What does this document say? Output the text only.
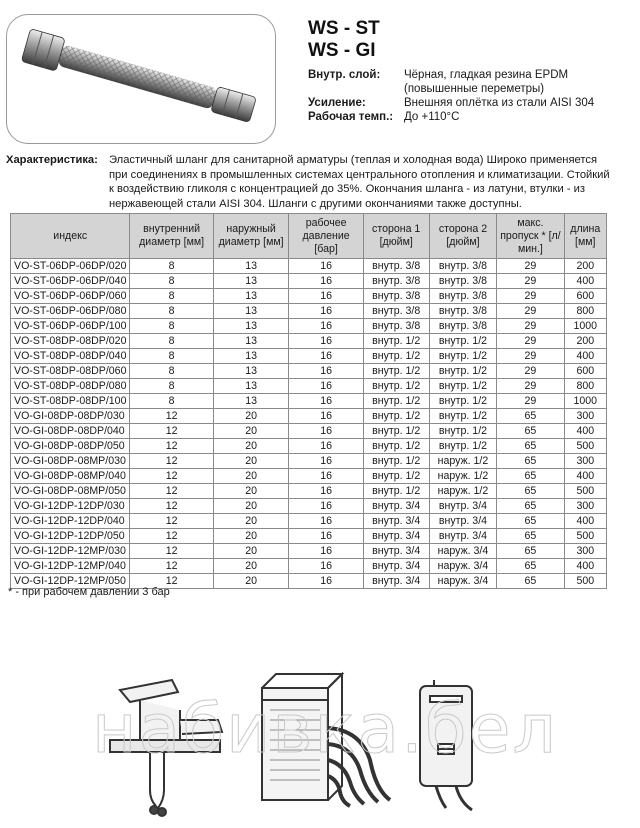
WS - ST
WS - GI
Внутр. слой:	Чёрная, гладкая резина EPDM (повышенные переметры)
Усиление:	Внешняя оплётка из стали AISI 304
Рабочая темп.: До +110°С
Характеристика: Эластичный шланг для санитарной арматуры (теплая и холодная вода) Широко применяется при соединениях в промышленных системах центрального отопления и климатизации. Стойкий к воздействию гликоля с концентрацией до 35%. Окончания шланга - из латуни, втулки - из нержавеющей стали AISI 304. Шланги с другими окончаниями также доступны.
индекс	внутренний диаметр [мм]	наружный диаметр [мм]	рабочее давление [бар]	сторона 1 [дюйм]	сторона 2 [дюйм]	макс. пропуск * [л/мин.]	длина [мм]
VO-ST-06DP-06DP/020	8	13	16	внутр. 3/8	внутр. 3/8	29	200
VO-ST-06DP-06DP/040	8	13	16	внутр. 3/8	внутр. 3/8	29	400
VO-ST-06DP-06DP/060	8	13	16	внутр. 3/8	внутр. 3/8	29	600
VO-ST-06DP-06DP/080	8	13	16	внутр. 3/8	внутр. 3/8	29	800
VO-ST-06DP-06DP/100	8	13	16	внутр. 3/8	внутр. 3/8	29	1000
VO-ST-08DP-08DP/020	8	13	16	внутр. 1/2	внутр. 1/2	29	200
VO-ST-08DP-08DP/040	8	13	16	внутр. 1/2	внутр. 1/2	29	400
VO-ST-08DP-08DP/060	8	13	16	внутр. 1/2	внутр. 1/2	29	600
VO-ST-08DP-08DP/080	8	13	16	внутр. 1/2	внутр. 1/2	29	800
VO-ST-08DP-08DP/100	8	13	16	внутр. 1/2	внутр. 1/2	29	1000
VO-GI-08DP-08DP/030	12	20	16	внутр. 1/2	внутр. 1/2	65	300
VO-GI-08DP-08DP/040	12	20	16	внутр. 1/2	внутр. 1/2	65	400
VO-GI-08DP-08DP/050	12	20	16	внутр. 1/2	внутр. 1/2	65	500
VO-GI-08DP-08MP/030	12	20	16	внутр. 1/2	наруж. 1/2	65	300
VO-GI-08DP-08MP/040	12	20	16	внутр. 1/2	наруж. 1/2	65	400
VO-GI-08DP-08MP/050	12	20	16	внутр. 1/2	наруж. 1/2	65	500
VO-GI-12DP-12DP/030	12	20	16	внутр. 3/4	внутр. 3/4	65	300
VO-GI-12DP-12DP/040	12	20	16	внутр. 3/4	внутр. 3/4	65	400
VO-GI-12DP-12DP/050	12	20	16	внутр. 3/4	внутр. 3/4	65	500
VO-GI-12DP-12MP/030	12	20	16	внутр. 3/4	наруж. 3/4	65	300
VO-GI-12DP-12MP/040	12	20	16	внутр. 3/4	наруж. 3/4	65	400
VO-GI-12DP-12MP/050	12	20	16	внутр. 3/4	наруж. 3/4	65	500
* - при рабочем давлении 3 бар
набивка.бел
